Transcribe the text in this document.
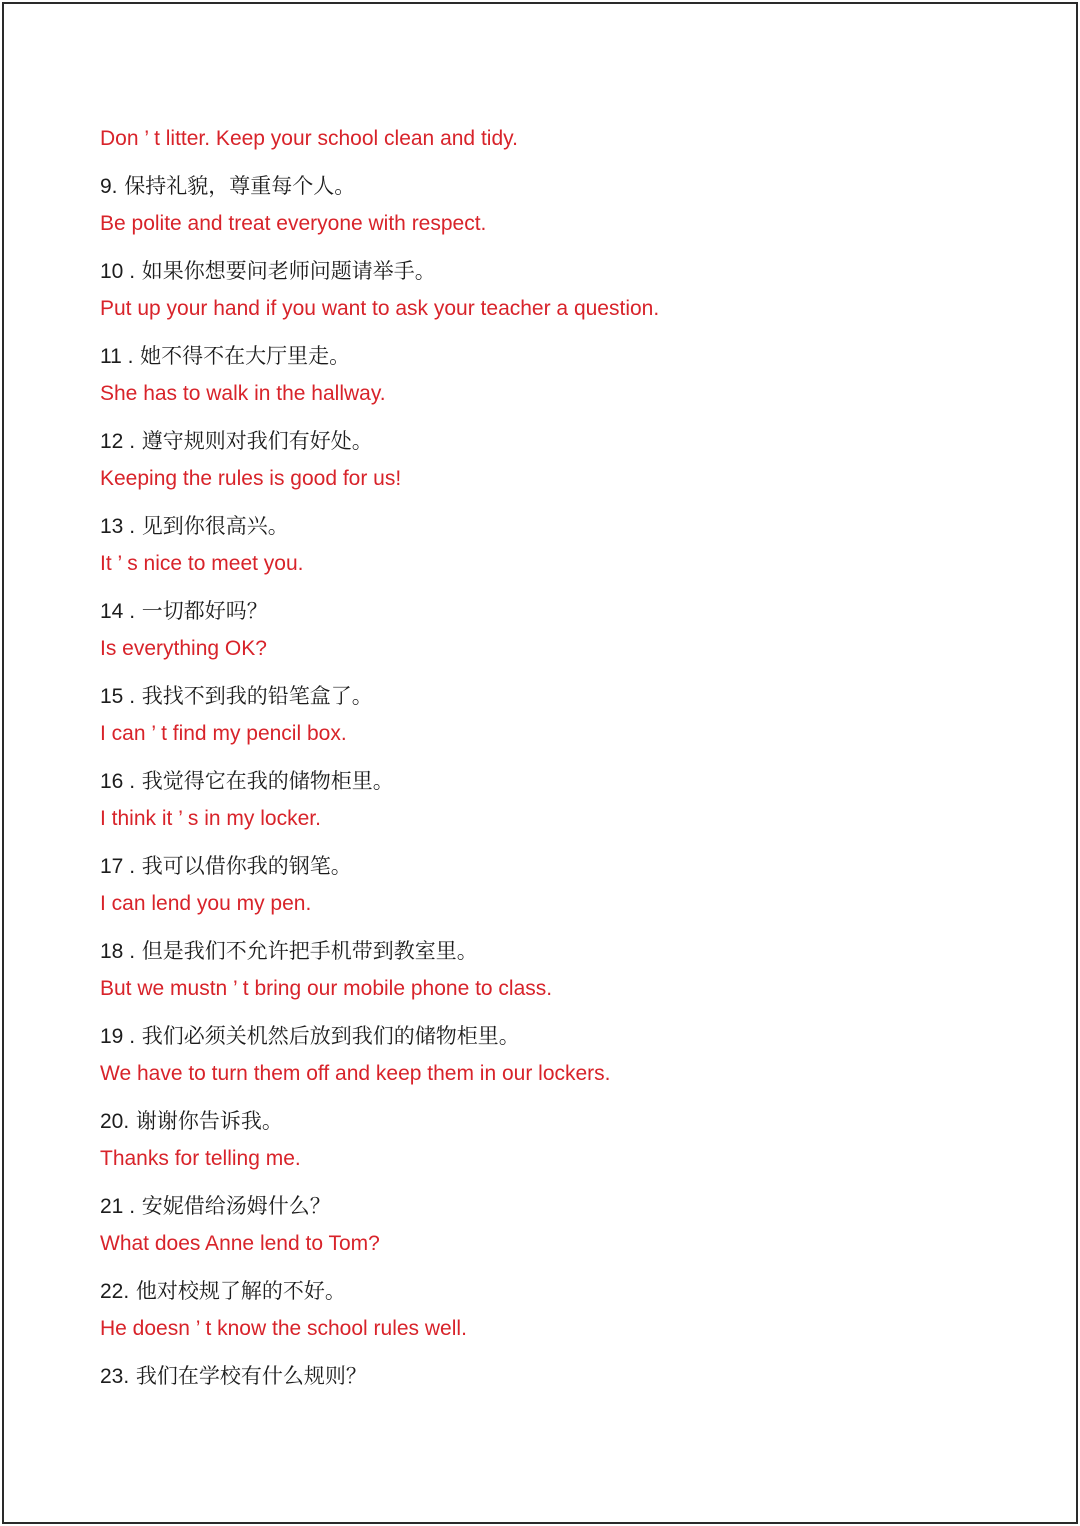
Don ’ t litter. Keep your school clean and tidy.
9. 保持礼貌，尊重每个人。
Be polite and treat everyone with respect.
10 . 如果你想要问老师问题请举手。
Put up your hand if you want to ask your teacher a question.
11 . 她不得不在大厅里走。
She has to walk in the hallway.
12 . 遵守规则对我们有好处。
Keeping the rules is good for us!
13 . 见到你很高兴。
It ’ s nice to meet you.
14 . 一切都好吗？
Is everything OK?
15 . 我找不到我的铅笔盒了。
I can ’ t find my pencil box.
16 . 我觉得它在我的储物柜里。
I think it ’ s in my locker.
17 . 我可以借你我的钢笔。
I can lend you my pen.
18 . 但是我们不允许把手机带到教室里。
But we mustn ’ t bring our mobile phone to class.
19 . 我们必须关机然后放到我们的储物柜里。
We have to turn them off and keep them in our lockers.
20. 谢谢你告诉我。
Thanks for telling me.
21 . 安妮借给汤姆什么？
What does Anne lend to Tom?
22. 他对校规了解的不好。
He doesn ’ t know the school rules well.
23. 我们在学校有什么规则？
